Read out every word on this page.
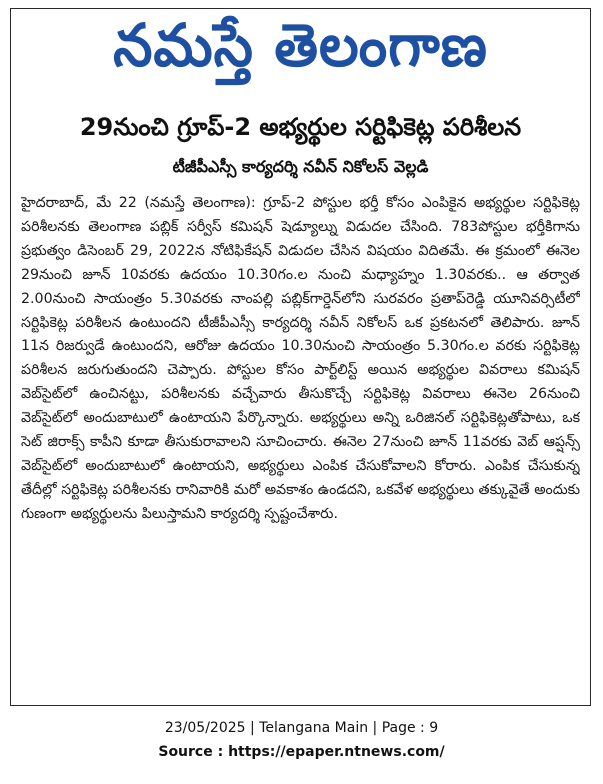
నమస్తే తెలంగాణ
29నుంచి గ్రూప్-2 అభ్యర్థుల సర్టిఫికెట్ల పరిశీలన
టీజీపీఎస్సీ కార్యదర్శి నవీన్ నికోలస్ వెల్లడి
హైదరాబాద్, మే 22 (నమస్తే తెలంగాణ): గ్రూప్-2 పోస్టుల భర్తీ కోసం ఎంపికైన అభ్యర్థుల సర్టిఫికెట్ల పరిశీలనకు తెలంగాణ పబ్లిక్ సర్వీస్ కమిషన్ షెడ్యూల్ను విడుదల చేసింది. 783పోస్టుల భర్తీకిగాను ప్రభుత్వం డిసెంబర్ 29, 2022న నోటిఫికేషన్ విడుదల చేసిన విషయం విదితమే. ఈ క్రమంలో ఈనెల 29నుంచి జూన్ 10వరకు ఉదయం 10.30గం.ల నుంచి మధ్యాహ్నం 1.30వరకు.. ఆ తర్వాత 2.00నుంచి సాయంత్రం 5.30వరకు నాంపల్లి పబ్లిక్‌గార్డెన్‌లోని సురవరం ప్రతాప్‌రెడ్డి యూనివర్సిటీలో సర్టిఫికెట్ల పరిశీలన ఉంటుందని టీజీపీఎస్సీ కార్యదర్శి నవీన్ నికోలస్ ఒక ప్రకటనలో తెలిపారు. జూన్ 11న రిజర్వుడే ఉంటుందని, ఆరోజు ఉదయం 10.30నుంచి సాయంత్రం 5.30గం.ల వరకు సర్టిఫికెట్ల పరిశీలన జరుగుతుందని చెప్పారు. పోస్టుల కోసం పార్ట్‌లిస్ట్ అయిన అభ్యర్థుల వివరాలు కమిషన్ వెబ్‌సైట్‌లో ఉంచినట్టు, పరిశీలనకు వచ్చేవారు తీసుకొచ్చే సర్టిఫికెట్ల వివరాలు ఈనెల 26నుంచి వెబ్‌సైట్‌లో అందుబాటులో ఉంటాయని పేర్కొన్నారు. అభ్యర్థులు అన్ని ఒరిజినల్ సర్టిఫికెట్లతోపాటు, ఒక సెట్ జిరాక్స్ కాపీని కూడా తీసుకురావాలని సూచించారు. ఈనెల 27నుంచి జూన్ 11వరకు వెబ్ ఆప్షన్స్ వెబ్‌సైట్‌లో అందుబాటులో ఉంటాయని, అభ్యర్థులు ఎంపిక చేసుకోవాలని కోరారు. ఎంపిక చేసుకున్న తేదీల్లో సర్టిఫికెట్ల పరిశీలనకు రానివారికి మరో అవకాశం ఉండదని, ఒకవేళ అభ్యర్థులు తక్కువైతే అందుకు గుణంగా అభ్యర్థులను పిలుస్తామని కార్యదర్శి స్పష్టంచేశారు.
23/05/2025 | Telangana Main | Page : 9
Source : https://epaper.ntnews.com/
